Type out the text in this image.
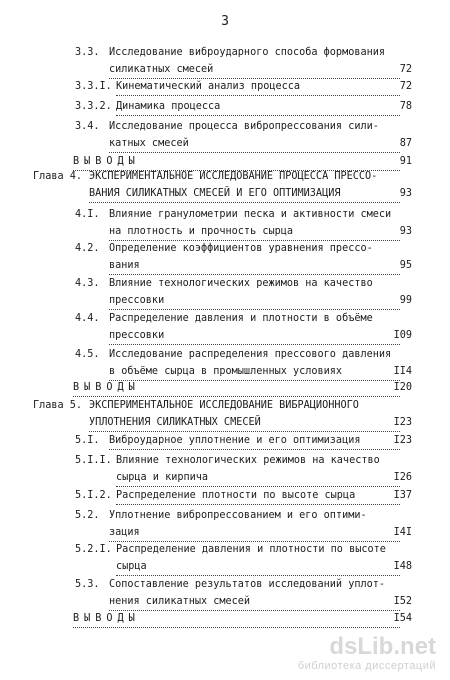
3
3.3. Исследование виброударного способа формования
силикатных смесей	72
3.3.I. Кинематический анализ процесса	72
3.3.2. Динамика процесса	78
3.4. Исследование процесса вибропрессования сили-
катных смесей	87
ВЫВОДЫ	91
Глава 4. ЭКСПЕРИМЕНТАЛЬНОЕ ИССЛЕДОВАНИЕ ПРОЦЕССА ПРЕССО-
ВАНИЯ СИЛИКАТНЫХ СМЕСЕЙ И ЕГО ОПТИМИЗАЦИЯ	93
4.I. Влияние гранулометрии песка и активности смеси
на плотность и прочность сырца	93
4.2. Определение коэффициентов уравнения прессо-
вания	95
4.3. Влияние технологических режимов на качество
прессовки	99
4.4. Распределение давления и плотности в объёме
прессовки	I09
4.5. Исследование распределения прессового давления
в объёме сырца в промышленных условиях	II4
ВЫВОДЫ	I20
Глава 5. ЭКСПЕРИМЕНТАЛЬНОЕ ИССЛЕДОВАНИЕ ВИБРАЦИОННОГО
УПЛОТНЕНИЯ СИЛИКАТНЫХ СМЕСЕЙ	I23
5.I. Виброударное уплотнение и его оптимизация	I23
5.I.I. Влияние технологических режимов на качество
сырца и кирпича	I26
5.I.2. Распределение плотности по высоте сырца	I37
5.2. Уплотнение вибропрессованием и его оптими-
зация	I4I
5.2.I. Распределение давления и плотности по высоте
сырца	I48
5.3. Сопоставление результатов исследований уплот-
нения силикатных смесей	I52
ВЫВОДЫ	I54
dsLib.net
библиотека диссертаций
